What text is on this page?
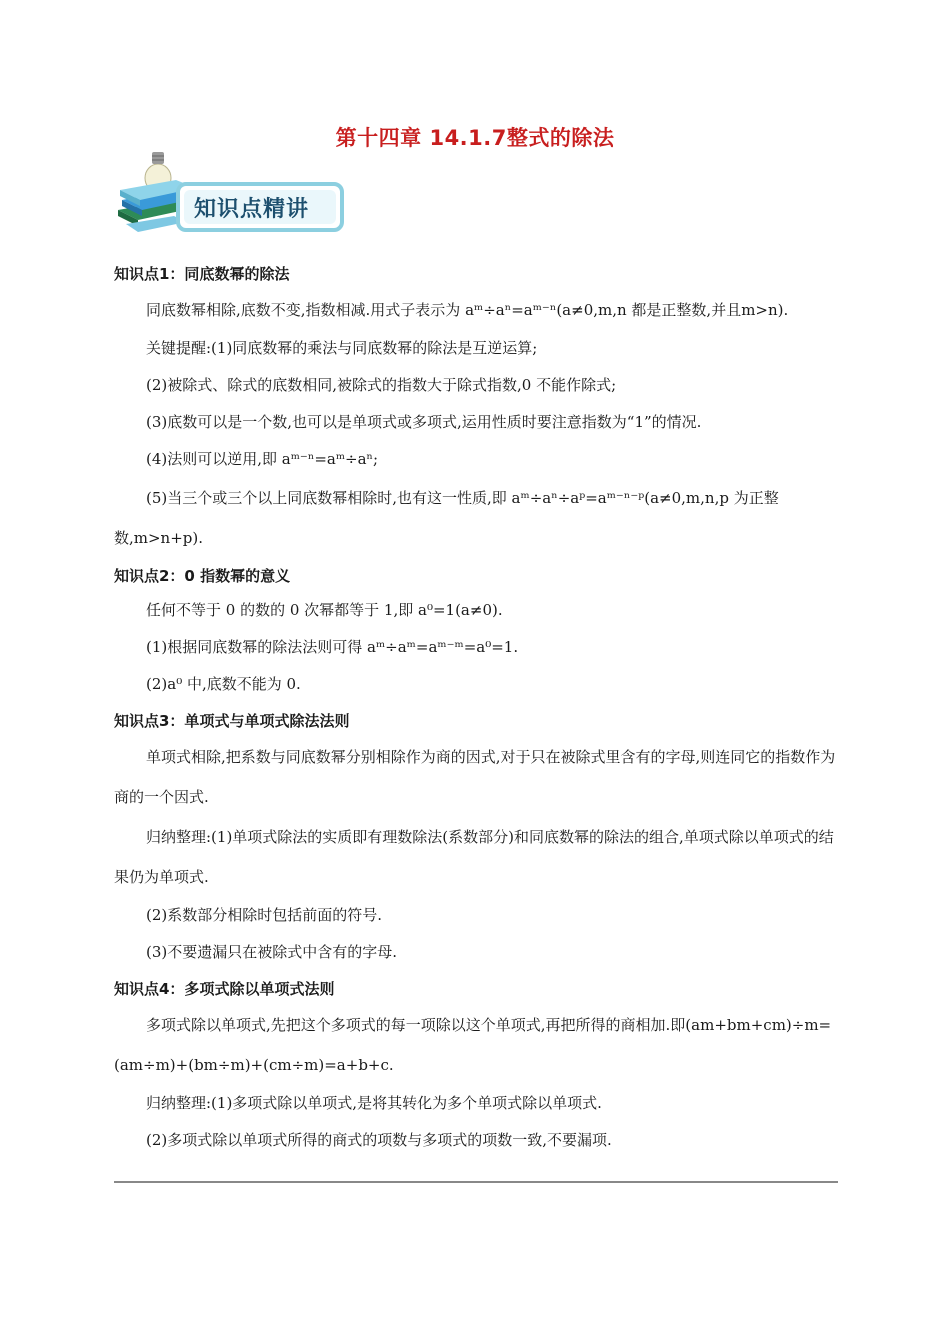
第十四章 14.1.7整式的除法
知识点精讲
知识点1：同底数幂的除法

同底数幂相除,底数不变,指数相减.用式子表示为 aᵐ÷aⁿ=aᵐ⁻ⁿ(a≠0,m,n 都是正整数,并且m>n).

关键提醒:(1)同底数幂的乘法与同底数幂的除法是互逆运算;

(2)被除式、除式的底数相同,被除式的指数大于除式指数,0 不能作除式;

(3)底数可以是一个数,也可以是单项式或多项式,运用性质时要注意指数为“1”的情况.

(4)法则可以逆用,即 aᵐ⁻ⁿ=aᵐ÷aⁿ;

(5)当三个或三个以上同底数幂相除时,也有这一性质,即 aᵐ÷aⁿ÷aᵖ=aᵐ⁻ⁿ⁻ᵖ(a≠0,m,n,p 为正整数,m>n+p).

知识点2：0 指数幂的意义

任何不等于 0 的数的 0 次幂都等于 1,即 a⁰=1(a≠0).

(1)根据同底数幂的除法法则可得 aᵐ÷aᵐ=aᵐ⁻ᵐ=a⁰=1.

(2)a⁰ 中,底数不能为 0.

知识点3：单项式与单项式除法法则

单项式相除,把系数与同底数幂分别相除作为商的因式,对于只在被除式里含有的字母,则连同它的指数作为商的一个因式.

归纳整理:(1)单项式除法的实质即有理数除法(系数部分)和同底数幂的除法的组合,单项式除以单项式的结果仍为单项式.

(2)系数部分相除时包括前面的符号.

(3)不要遗漏只在被除式中含有的字母.

知识点4：多项式除以单项式法则

多项式除以单项式,先把这个多项式的每一项除以这个单项式,再把所得的商相加.即(am+bm+cm)÷m=(am÷m)+(bm÷m)+(cm÷m)=a+b+c.

归纳整理:(1)多项式除以单项式,是将其转化为多个单项式除以单项式.

(2)多项式除以单项式所得的商式的项数与多项式的项数一致,不要漏项.
